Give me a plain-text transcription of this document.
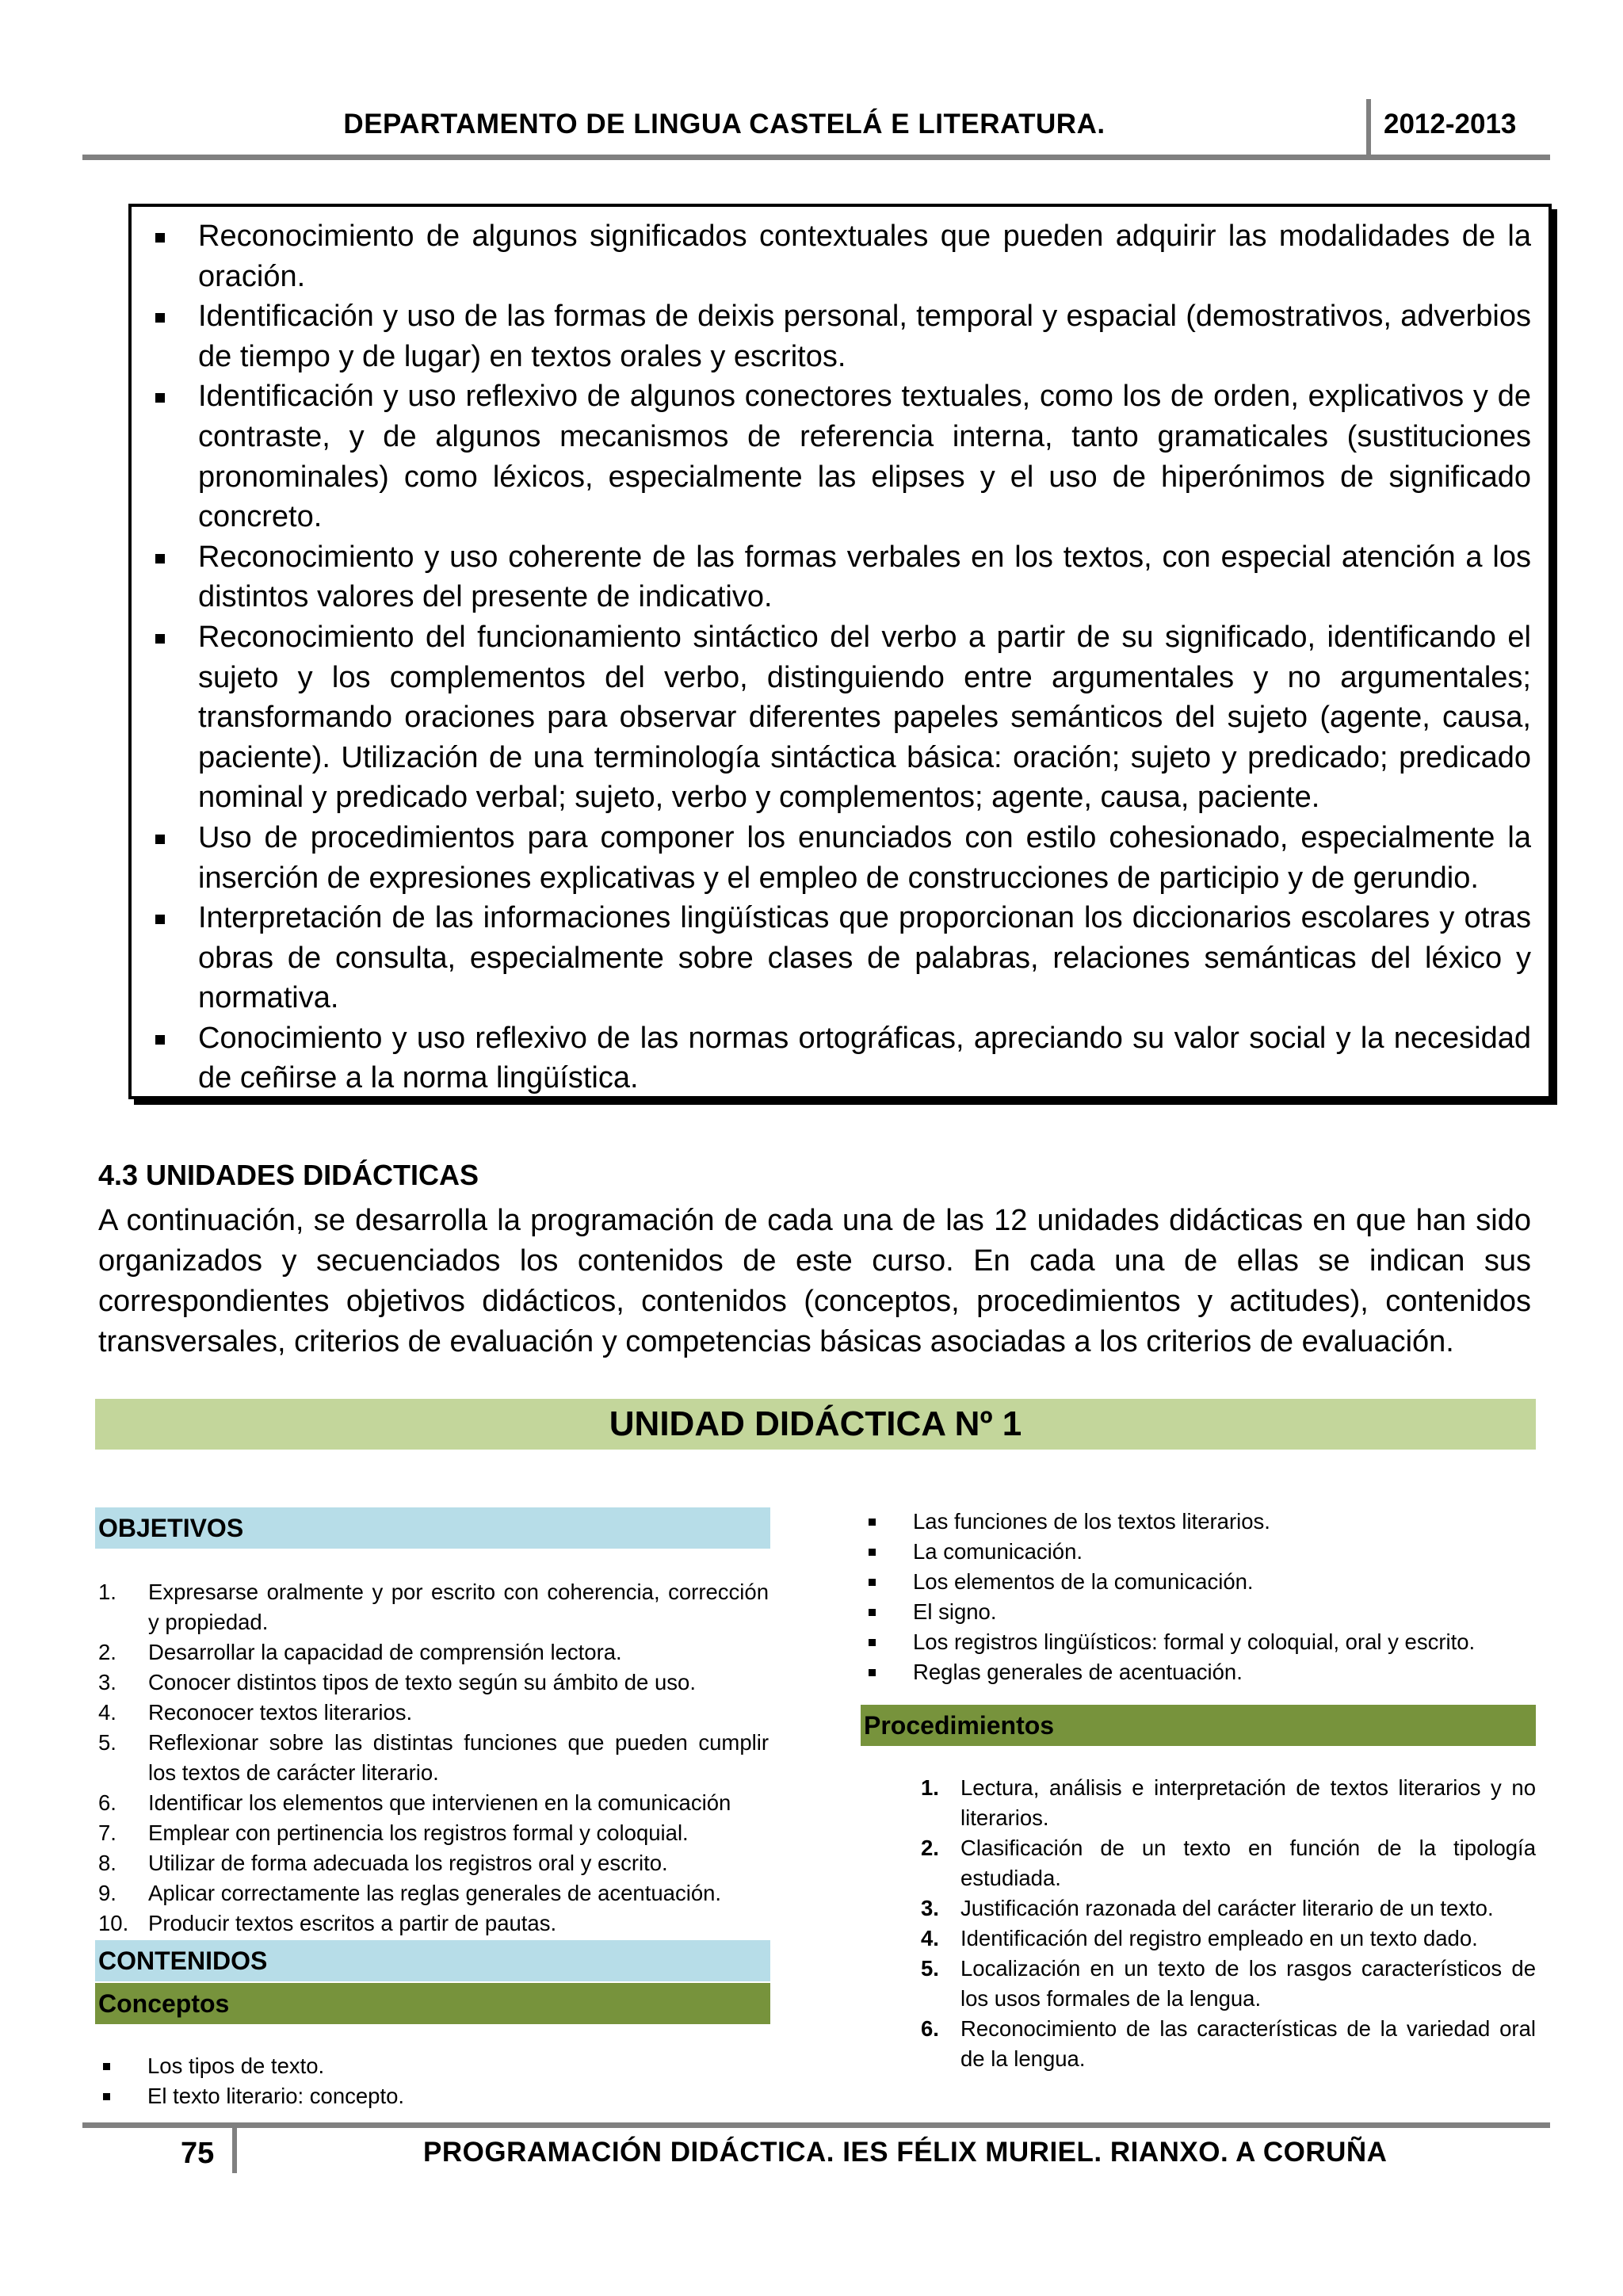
DEPARTAMENTO DE LINGUA CASTELÁ E LITERATURA.	2012-2013
Reconocimiento de algunos significados contextuales que pueden adquirir las modalidades de la oración.
Identificación y uso de las formas de deixis personal, temporal y espacial (demostrativos, adverbios de tiempo y de lugar) en textos orales y escritos.
Identificación y uso reflexivo de algunos conectores textuales, como los de orden, explicativos y de contraste, y de algunos mecanismos de referencia interna, tanto gramaticales (sustituciones pronominales) como léxicos, especialmente las elipses y el uso de hiperónimos de significado concreto.
Reconocimiento y uso coherente de las formas verbales en los textos, con especial atención a los distintos valores del presente de indicativo.
Reconocimiento del funcionamiento sintáctico del verbo a partir de su significado, identificando el sujeto y los complementos del verbo, distinguiendo entre argumentales y no argumentales; transformando oraciones para observar diferentes papeles semánticos del sujeto (agente, causa, paciente). Utilización de una terminología sintáctica básica: oración; sujeto y predicado; predicado nominal y predicado verbal; sujeto, verbo y complementos; agente, causa, paciente.
Uso de procedimientos para componer los enunciados con estilo cohesionado, especialmente la inserción de expresiones explicativas y el empleo de construcciones de participio y de gerundio.
Interpretación de las informaciones lingüísticas que proporcionan los diccionarios escolares y otras obras de consulta, especialmente sobre clases de palabras, relaciones semánticas del léxico y normativa.
Conocimiento y uso reflexivo de las normas ortográficas, apreciando su valor social y la necesidad de ceñirse a la norma lingüística.
4.3 UNIDADES DIDÁCTICAS
A continuación, se desarrolla la programación de cada una de las 12 unidades didácticas en que han sido organizados y secuenciados los contenidos de este curso. En cada una de ellas se indican sus correspondientes objetivos didácticos, contenidos (conceptos, procedimientos y actitudes), contenidos transversales, criterios de evaluación y competencias básicas asociadas a los criterios de evaluación.
UNIDAD DIDÁCTICA Nº 1
OBJETIVOS
1. Expresarse oralmente y por escrito con coherencia, corrección y propiedad.
2. Desarrollar la capacidad de comprensión lectora.
3. Conocer distintos tipos de texto según su ámbito de uso.
4. Reconocer textos literarios.
5. Reflexionar sobre las distintas funciones que pueden cumplir los textos de carácter literario.
6. Identificar los elementos que intervienen en la comunicación
7. Emplear con pertinencia los registros formal y coloquial.
8. Utilizar de forma adecuada los registros oral y escrito.
9. Aplicar correctamente las reglas generales de acentuación.
10. Producir textos escritos a partir de pautas.
CONTENIDOS
Conceptos
Los tipos de texto.
El texto literario: concepto.
Las funciones de los textos literarios.
La comunicación.
Los elementos de la comunicación.
El signo.
Los registros lingüísticos: formal y coloquial, oral y escrito.
Reglas generales de acentuación.
Procedimientos
1. Lectura, análisis e interpretación de textos literarios y no literarios.
2. Clasificación de un texto en función de la tipología estudiada.
3. Justificación razonada del carácter literario de un texto.
4. Identificación del registro empleado en un texto dado.
5. Localización en un texto de los rasgos característicos de los usos formales de la lengua.
6. Reconocimiento de las características de la variedad oral de la lengua.
75	PROGRAMACIÓN DIDÁCTICA. IES FÉLIX MURIEL. RIANXO. A CORUÑA
